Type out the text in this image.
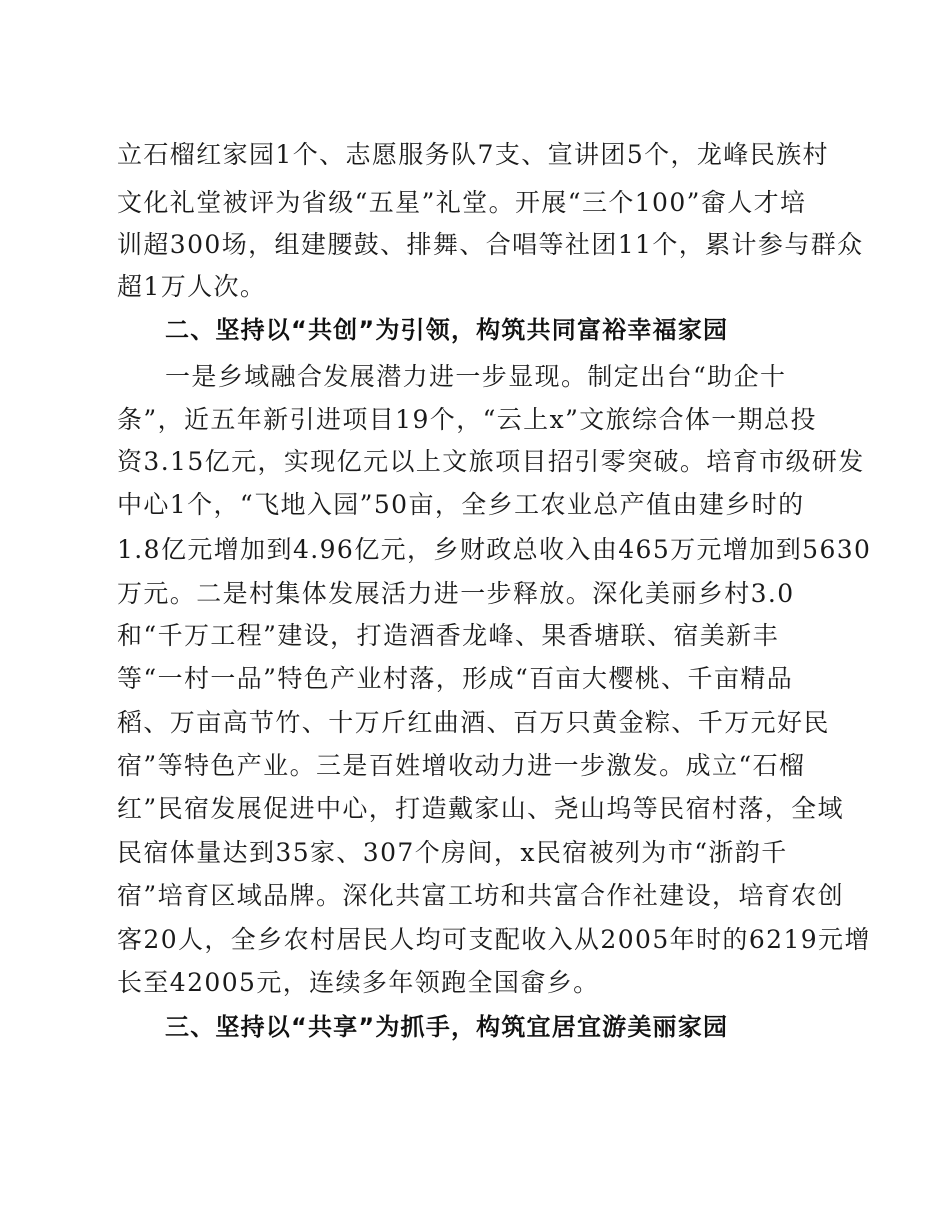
立石榴红家园1个、志愿服务队7支、宣讲团5个，龙峰民族村
文化礼堂被评为省级“五星”礼堂。开展“三个100”畲人才培
训超300场，组建腰鼓、排舞、合唱等社团11个，累计参与群众
超1万人次。
二、坚持以“共创”为引领，构筑共同富裕幸福家园
一是乡域融合发展潜力进一步显现。制定出台“助企十
条”，近五年新引进项目19个，“云上x”文旅综合体一期总投
资3.15亿元，实现亿元以上文旅项目招引零突破。培育市级研发
中心1个，“飞地入园”50亩，全乡工农业总产值由建乡时的
1.8亿元增加到4.96亿元，乡财政总收入由465万元增加到5630
万元。二是村集体发展活力进一步释放。深化美丽乡村3.0
和“千万工程”建设，打造酒香龙峰、果香塘联、宿美新丰
等“一村一品”特色产业村落，形成“百亩大樱桃、千亩精品
稻、万亩高节竹、十万斤红曲酒、百万只黄金粽、千万元好民
宿”等特色产业。三是百姓增收动力进一步激发。成立“石榴
红”民宿发展促进中心，打造戴家山、尧山坞等民宿村落，全域
民宿体量达到35家、307个房间，x民宿被列为市“浙韵千
宿”培育区域品牌。深化共富工坊和共富合作社建设，培育农创
客20人，全乡农村居民人均可支配收入从2005年时的6219元增
长至42005元，连续多年领跑全国畲乡。
三、坚持以“共享”为抓手，构筑宜居宜游美丽家园
